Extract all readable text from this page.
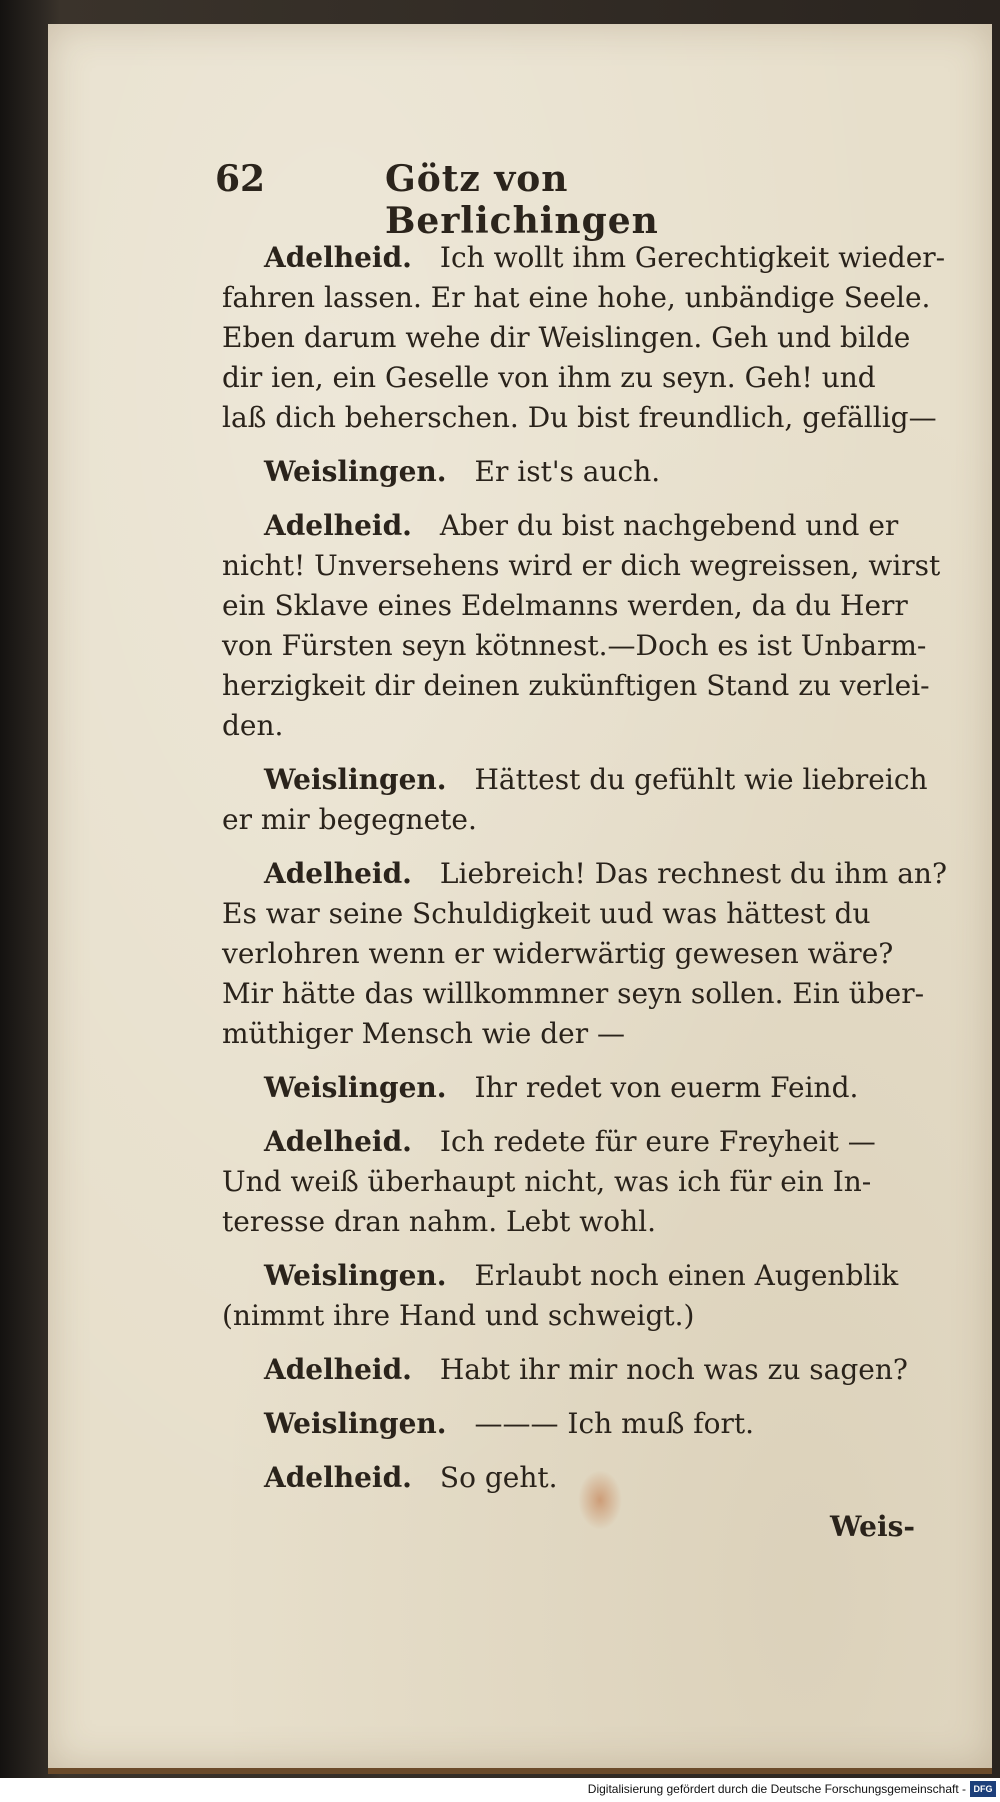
62	Götz von Berlichingen
Adelheid.  Ich wollt ihm Gerechtigkeit wieder-
fahren lassen. Er hat eine hohe, unbändige Seele.
Eben darum wehe dir Weislingen. Geh und bilde
dir ien, ein Geselle von ihm zu seyn. Geh! und
laß dich beherschen. Du bist freundlich, gefällig—
Weislingen.  Er ist's auch.
Adelheid.  Aber du bist nachgebend und er
nicht! Unversehens wird er dich wegreissen, wirst
ein Sklave eines Edelmanns werden, da du Herr
von Fürsten seyn kötnnest.—Doch es ist Unbarm-
herzigkeit dir deinen zukünftigen Stand zu verlei-
den.
Weislingen.  Hättest du gefühlt wie liebreich
er mir begegnete.
Adelheid.  Liebreich! Das rechnest du ihm an?
Es war seine Schuldigkeit uud was hättest du
verlohren wenn er widerwärtig gewesen wäre?
Mir hätte das willkommner seyn sollen. Ein über-
müthiger Mensch wie der —
Weislingen.  Ihr redet von euerm Feind.
Adelheid.  Ich redete für eure Freyheit —
Und weiß überhaupt nicht, was ich für ein In-
teresse dran nahm. Lebt wohl.
Weislingen.  Erlaubt noch einen Augenblik
(nimmt ihre Hand und schweigt.)
Adelheid.  Habt ihr mir noch was zu sagen?
Weislingen.  ——— Ich muß fort.
Adelheid.  So geht.
Weis-
Digitalisierung gefördert durch die Deutsche Forschungsgemeinschaft - DFG
